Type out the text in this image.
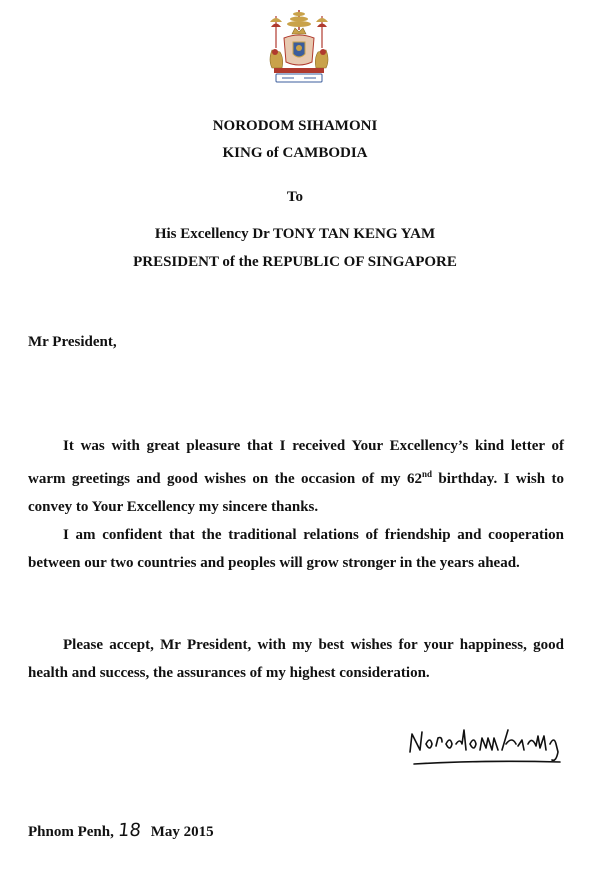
NORODOM SIHAMONI
KING of CAMBODIA
To
His Excellency Dr TONY TAN KENG YAM
PRESIDENT of the REPUBLIC OF SINGAPORE
Mr President,
It was with great pleasure that I received Your Excellency’s kind letter of warm greetings and good wishes on the occasion of my 62nd birthday. I wish to convey to Your Excellency my sincere thanks.
I am confident that the traditional relations of friendship and cooperation between our two countries and peoples will grow stronger in the years ahead.
Please accept, Mr President, with my best wishes for your happiness, good health and success, the assurances of my highest consideration.
Phnom Penh, 18 May 2015
